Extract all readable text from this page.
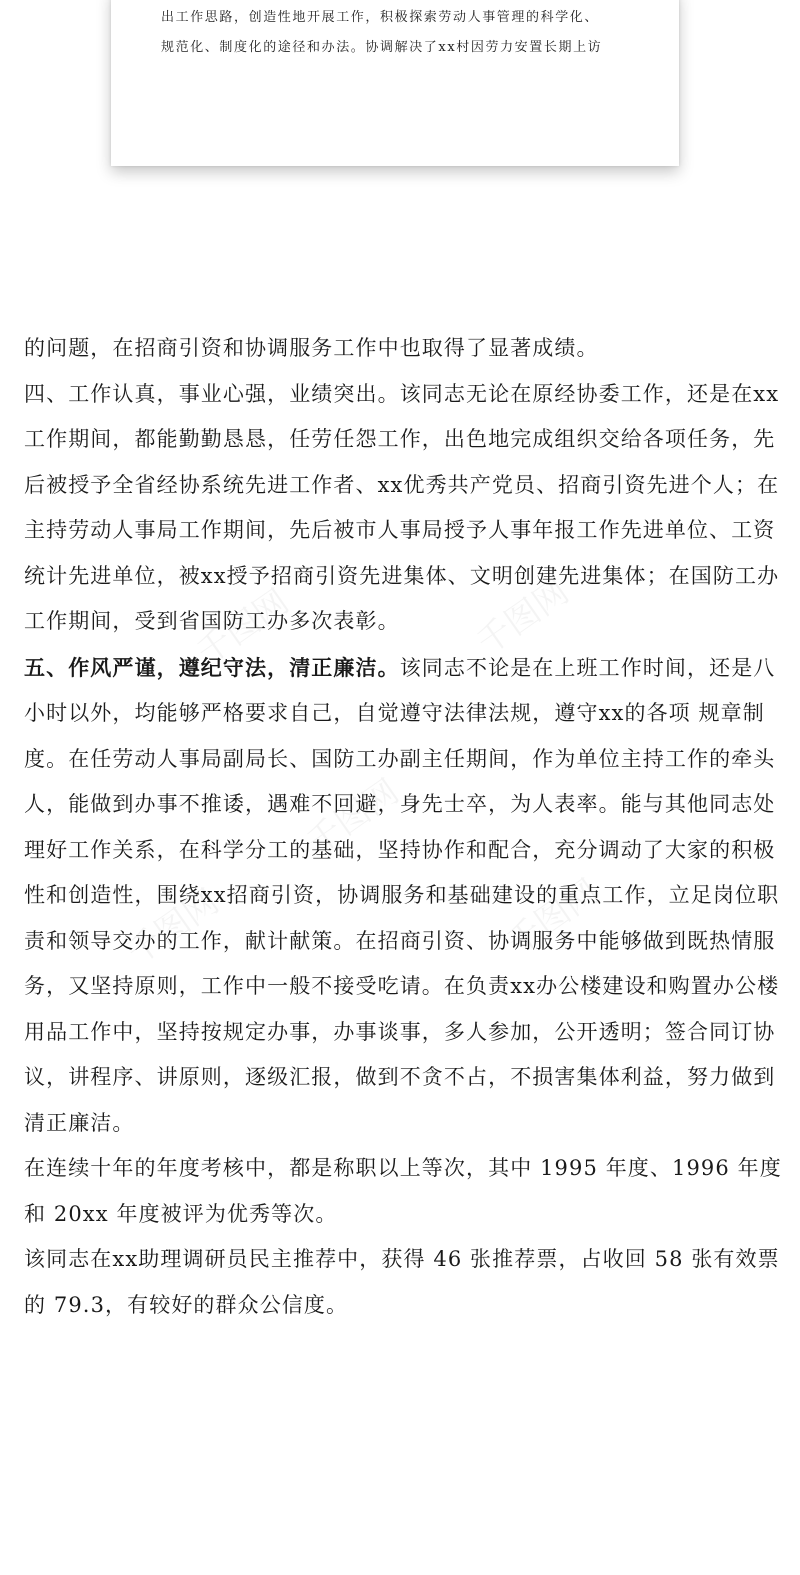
出工作思路，创造性地开展工作，积极探索劳动人事管理的科学化、
规范化、制度化的途径和办法。协调解决了xx村因劳力安置长期上访

的问题，在招商引资和协调服务工作中也取得了显著成绩。

四、工作认真，事业心强，业绩突出。该同志无论在原经协委工作，还是在xx工作期间，都能勤勤恳恳，任劳任怨工作，出色地完成组织交给各项任务，先后被授予全省经协系统先进工作者、xx优秀共产党员、招商引资先进个人；在主持劳动人事局工作期间，先后被市人事局授予人事年报工作先进单位、工资统计先进单位，被xx授予招商引资先进集体、文明创建先进集体；在国防工办工作期间，受到省国防工办多次表彰。

五、作风严谨，遵纪守法，清正廉洁。该同志不论是在上班工作时间，还是八小时以外，均能够严格要求自己，自觉遵守法律法规，遵守xx的各项 规章制度。在任劳动人事局副局长、国防工办副主任期间，作为单位主持工作的牵头人，能做到办事不推诿，遇难不回避，身先士卒，为人表率。能与其他同志处理好工作关系，在科学分工的基础，坚持协作和配合，充分调动了大家的积极性和创造性，围绕xx招商引资，协调服务和基础建设的重点工作，立足岗位职责和领导交办的工作，献计献策。在招商引资、协调服务中能够做到既热情服务，又坚持原则，工作中一般不接受吃请。在负责xx办公楼建设和购置办公楼用品工作中，坚持按规定办事，办事谈事，多人参加，公开透明；签合同订协议，讲程序、讲原则，逐级汇报，做到不贪不占，不损害集体利益，努力做到清正廉洁。

在连续十年的年度考核中，都是称职以上等次，其中 1995 年度、1996 年度和 20xx 年度被评为优秀等次。

该同志在xx助理调研员民主推荐中，获得 46 张推荐票，占收回 58 张有效票的 79.3，有较好的群众公信度。
